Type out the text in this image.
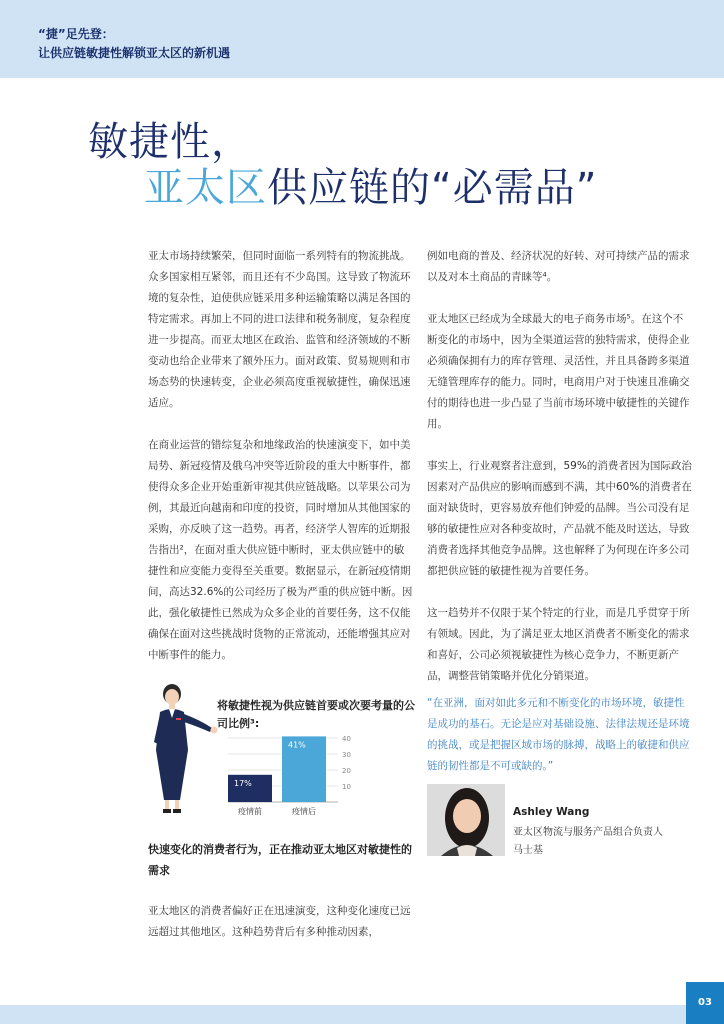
“捷”足先登：
让供应链敏捷性解锁亚太区的新机遇
敏捷性，
亚太区供应链的“必需品”

亚太市场持续繁荣，但同时面临一系列特有的物流挑战。众多国家相互紧邻，而且还有不少岛国。这导致了物流环境的复杂性，迫使供应链采用多种运输策略以满足各国的特定需求。再加上不同的进口法律和税务制度，复杂程度进一步提高。而亚太地区在政治、监管和经济领域的不断变动也给企业带来了额外压力。面对政策、贸易规则和市场态势的快速转变，企业必须高度重视敏捷性，确保迅速适应。

在商业运营的错综复杂和地缘政治的快速演变下，如中美局势、新冠疫情及俄乌冲突等近阶段的重大中断事件，都使得众多企业开始重新审视其供应链战略。以苹果公司为例，其最近向越南和印度的投资，同时增加从其他国家的采购，亦反映了这一趋势。再者，经济学人智库的近期报告指出²，在面对重大供应链中断时，亚太供应链中的敏捷性和应变能力变得至关重要。数据显示，在新冠疫情期间，高达32.6%的公司经历了极为严重的供应链中断。因此，强化敏捷性已然成为众多企业的首要任务，这不仅能确保在面对这些挑战时货物的正常流动，还能增强其应对中断事件的能力。

例如电商的普及、经济状况的好转、对可持续产品的需求以及对本土商品的青睐等⁴。

亚太地区已经成为全球最大的电子商务市场⁵。在这个不断变化的市场中，因为全渠道运营的独特需求，使得企业必须确保拥有力的库存管理、灵活性，并且具备跨多渠道无缝管理库存的能力。同时，电商用户对于快速且准确交付的期待也进一步凸显了当前市场环境中敏捷性的关键作用。

事实上，行业观察者注意到，59%的消费者因为国际政治因素对产品供应的影响而感到不满，其中60%的消费者在面对缺货时，更容易放弃他们钟爱的品牌。当公司没有足够的敏捷性应对各种变故时，产品就不能及时送达，导致消费者选择其他竞争品牌。这也解释了为何现在许多公司都把供应链的敏捷性视为首要任务。

这一趋势并不仅限于某个特定的行业，而是几乎贯穿于所有领域。因此，为了满足亚太地区消费者不断变化的需求和喜好，公司必须视敏捷性为核心竞争力，不断更新产品，调整营销策略并优化分销渠道。

10
20
30
40
17%
疫情前
41%
疫情后
将敏捷性视为供应链首要或次要考量的公司比例³:
“在亚洲，面对如此多元和不断变化的市场环境，敏捷性是成功的基石。无论是应对基础设施、法律法规还是环境的挑战，或是把握区域市场的脉搏，战略上的敏捷和供应链的韧性都是不可或缺的。”
Ashley Wang
亚太区物流与服务产品组合负责人
马士基
快速变化的消费者行为，正在推动亚太地区对敏捷性的需求
亚太地区的消费者偏好正在迅速演变，这种变化速度已远远超过其他地区。这种趋势背后有多种推动因素，
03
